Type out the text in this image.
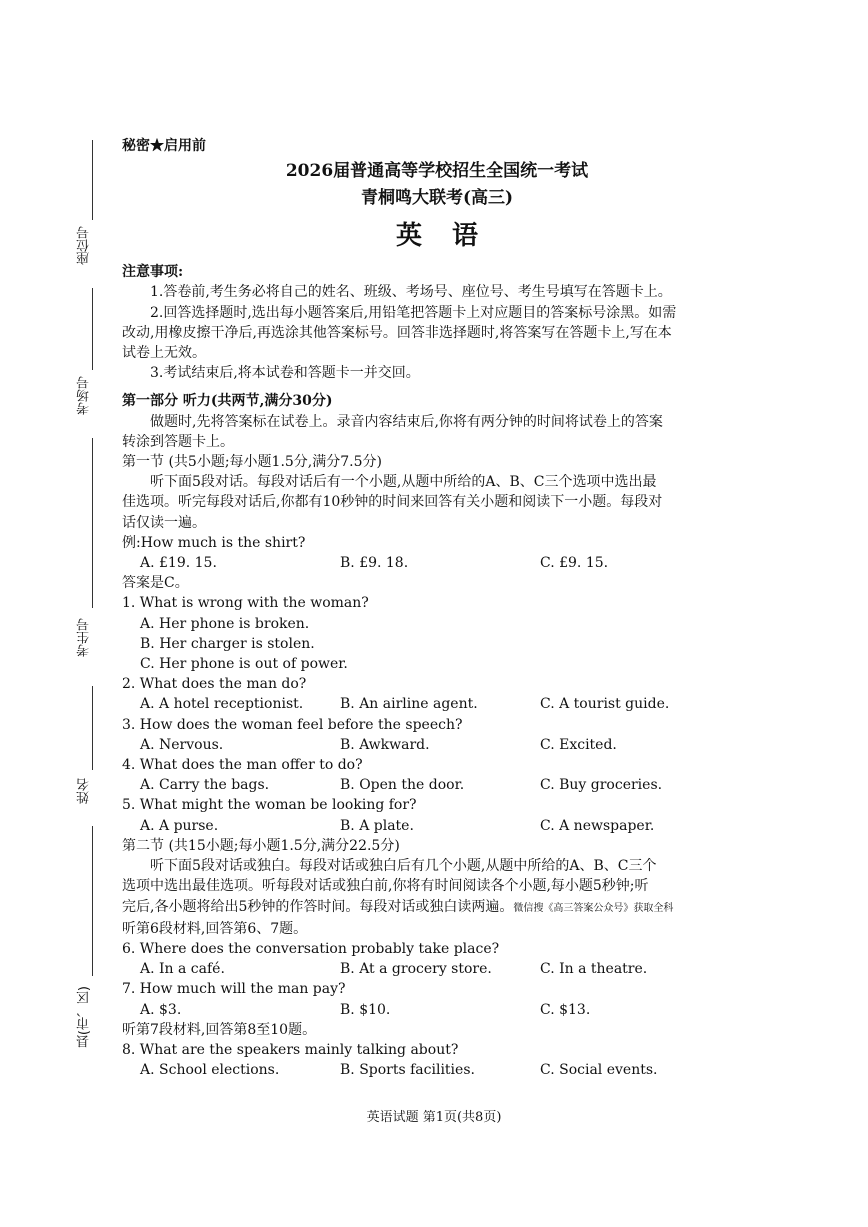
座位号
考场号
考生号
姓名
县(市、区)
秘密★启用前
2026届普通高等学校招生全国统一考试
青桐鸣大联考(高三)
英语
注意事项:
1.答卷前,考生务必将自己的姓名、班级、考场号、座位号、考生号填写在答题卡上。
2.回答选择题时,选出每小题答案后,用铅笔把答题卡上对应题目的答案标号涂黑。如需
改动,用橡皮擦干净后,再选涂其他答案标号。回答非选择题时,将答案写在答题卡上,写在本
试卷上无效。
3.考试结束后,将本试卷和答题卡一并交回。
第一部分 听力(共两节,满分30分)
做题时,先将答案标在试卷上。录音内容结束后,你将有两分钟的时间将试卷上的答案
转涂到答题卡上。
第一节 (共5小题;每小题1.5分,满分7.5分)
听下面5段对话。每段对话后有一个小题,从题中所给的A、B、C三个选项中选出最
佳选项。听完每段对话后,你都有10秒钟的时间来回答有关小题和阅读下一小题。每段对
话仅读一遍。
例:How much is the shirt?
A. £19. 15.	B. £9. 18.	C. £9. 15.
答案是C。
1. What is wrong with the woman?
A. Her phone is broken.
B. Her charger is stolen.
C. Her phone is out of power.
2. What does the man do?
A. A hotel receptionist.	B. An airline agent.	C. A tourist guide.
3. How does the woman feel before the speech?
A. Nervous.	B. Awkward.	C. Excited.
4. What does the man offer to do?
A. Carry the bags.	B. Open the door.	C. Buy groceries.
5. What might the woman be looking for?
A. A purse.	B. A plate.	C. A newspaper.
第二节 (共15小题;每小题1.5分,满分22.5分)
听下面5段对话或独白。每段对话或独白后有几个小题,从题中所给的A、B、C三个
选项中选出最佳选项。听每段对话或独白前,你将有时间阅读各个小题,每小题5秒钟;听
完后,各小题将给出5秒钟的作答时间。每段对话或独白读两遍。微信搜《高三答案公众号》获取全科
听第6段材料,回答第6、7题。
6. Where does the conversation probably take place?
A. In a café.	B. At a grocery store.	C. In a theatre.
7. How much will the man pay?
A. $3.	B. $10.	C. $13.
听第7段材料,回答第8至10题。
8. What are the speakers mainly talking about?
A. School elections.	B. Sports facilities.	C. Social events.
英语试题 第1页(共8页)
